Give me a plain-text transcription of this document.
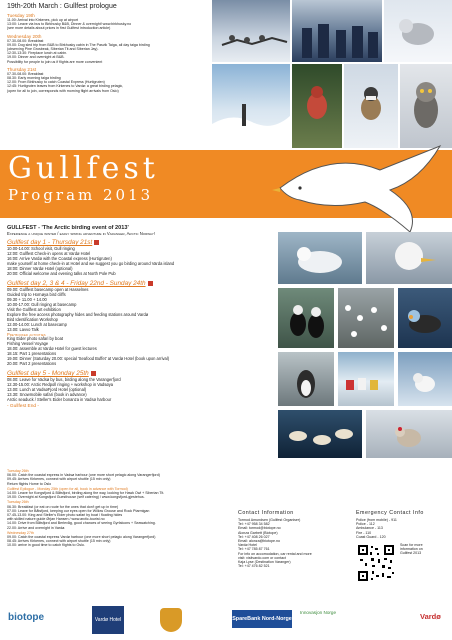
19th-20th March : Gullfest prologue
Tuesday 19th

11.00: Arrival into Kirkenes, pick up at airport

13:00: Leave via bus to Birkhusky B&B, Dinner & overnight! www.birkhusky.no

(see more details about prices in first Gullfest introduction article)

Wednesday 20th

07.30-08.00: Breakfast

09.00: Dog sled trip from B&B to Birkhusky cabin in The Pasvik Taiga, all day taiga birding

(observing Pine Grosbeak, Siberian Tit and Siberian Jay).

12:30-13:30: Fireplace lunch at cabin.

19.00: Dinner and overnight at B&B.

Possibility for people to join us if flights are more convenient

Thursday 21st

07.30-08.00: Breakfast

08.30: Early morning taiga birding

12.00: From Birkhusky to catch Coastal Express (Hurtigruten)

12:45: Hurtigruten leaves from Kirkenes to Vardø: a great birding pelagic,

(open for all to join, corresponds with morning flight arrivals from Oslo)

Gullfest
Program 2013
GULLFEST - 'The Arctic birding event of 2013'
Experience a unique winter / early spring adventure in Varanger, Arctic Norway!
Gullfest day 1 - Thursday 21st

10.00-14.00: School visit, Gull ringing

12:00: Gullfest Check-in opens at Vardø Hotel

16:00: Arrive Vardø with the Coastal express (Hurtigruten)

make yourself at home check-in at Hotel and we suggest you go birding around Varda island

18:00: Dinner Vardø Hotel (optional)

20:00: Official welcome and evening talks at North Pole Pub

Gullfest day 2, 3 & 4 - Friday 22nd - Sunday 24th

09.00: Gullfest basecamp open at Hasselnes

Guided trip to Hornøya bird cliffs

09.30 + 11.00 + 14.00

10.00-17.00: Gull ringing at basecamp

Visit the Gullfest art exhibition

Explore the free access photography hides and feeding stations around Vardø

Bird Identification Workshop

12.00-14.00: Lunch at basecamp

13.00: Lavvo Talk

Pre-booked activities

King Eider photo safari by boat

Fishing Vessel Voyage

18.00: assemble at Vardø Hotel for guest lectures

18.15: Part 1 presentations

19.00: Dinner (Saturday 20.00: special 'Seafood Buffet' at Vardø Hotel (book upon arrival)

20.00: Part 2 presentations

Gullfest day 5 - Monday 25th

08.00: Leave for Vadsø by bus, birding along the Varangerfjord

12.30-15.00: Arctic Redpoll ringing + workshop in Vadsøya

13.00: Lunch at VadsøFjord Hotel (optional)

13.30: Snowmobile safari (book in advance)

Arctic seaduck / Steller's Eider bonanza in Vadsø harbour

- Gullfest End -

Tuesday 26th

06.00: Catch the coastal express in Vadsø harbour (one more short pelagic along Varangerfjord)

09.45: Arrives Kirkenes, connect with airport shuttle (15 min only)

Return flights Home to Oslo

Gullfest Epilogue - Monday 25th (open for all, book in advance with Tormod)

14.00: Leave for Kongsfjord & Båtsfjord, birding along the way, looking for Hawk Owl + Siberian Tit.

19.00: Overnight at Kongsfjord Guesthouse (self catering) / www.kongsfjord-gjestehus.

Tuesday 26th

06.30: Breakfast (or eat on route for the ones that don't get up in time)

07.00: Leave for Båtsfjord, keeping our eyes open for Willow Grouse and Rock Ptarmigan

07.45-13.00: King and Steller's Eider photo safari by boat / floating hides

with skilled nature guide Ørjan Hansen / www.arctic-tourist.no

14.00: Drive from Båtsfjord and Berlevåg, good chances of seeing Gyrfalcons + Seawatching.

22.00: Arrive and overnight in Vardø.

Wednesday 27th

09.00: Catch the coastal express Vardø harbour (one more short pelagic along Varangerfjord)

08.45: Arrives Kirkenes, connect with airport shuttle (15 min only)

10.00: arrive in good time to catch flights to Oslo.

Contact Information
Tormod Amundsen (Gullfest Organiser)
Tel: +47 958 34 582
Email: tormod@biotope.no
Alonza Garbett (Biotope)
Tel: +47 408 26 027
Email: alonza@biotope.no
Vardø Hotel
Tel: +47 785 87 761
For info on accomodation, car rental and more
visit: visitvardo.com or contact
Kaja Lyse (Destination Varanger)
Tel: +47 476 82 521
Emergency Contact Info
Police (from mobile) - 911
Police - 112
Ambulance - 113
Fire - 110
Coast Guard - 120
Scan for more information on Gullfest 2013
biotope	Vardø Hotel	SpareBank Nord-Norge
Innovasjon Norge	Vardø
